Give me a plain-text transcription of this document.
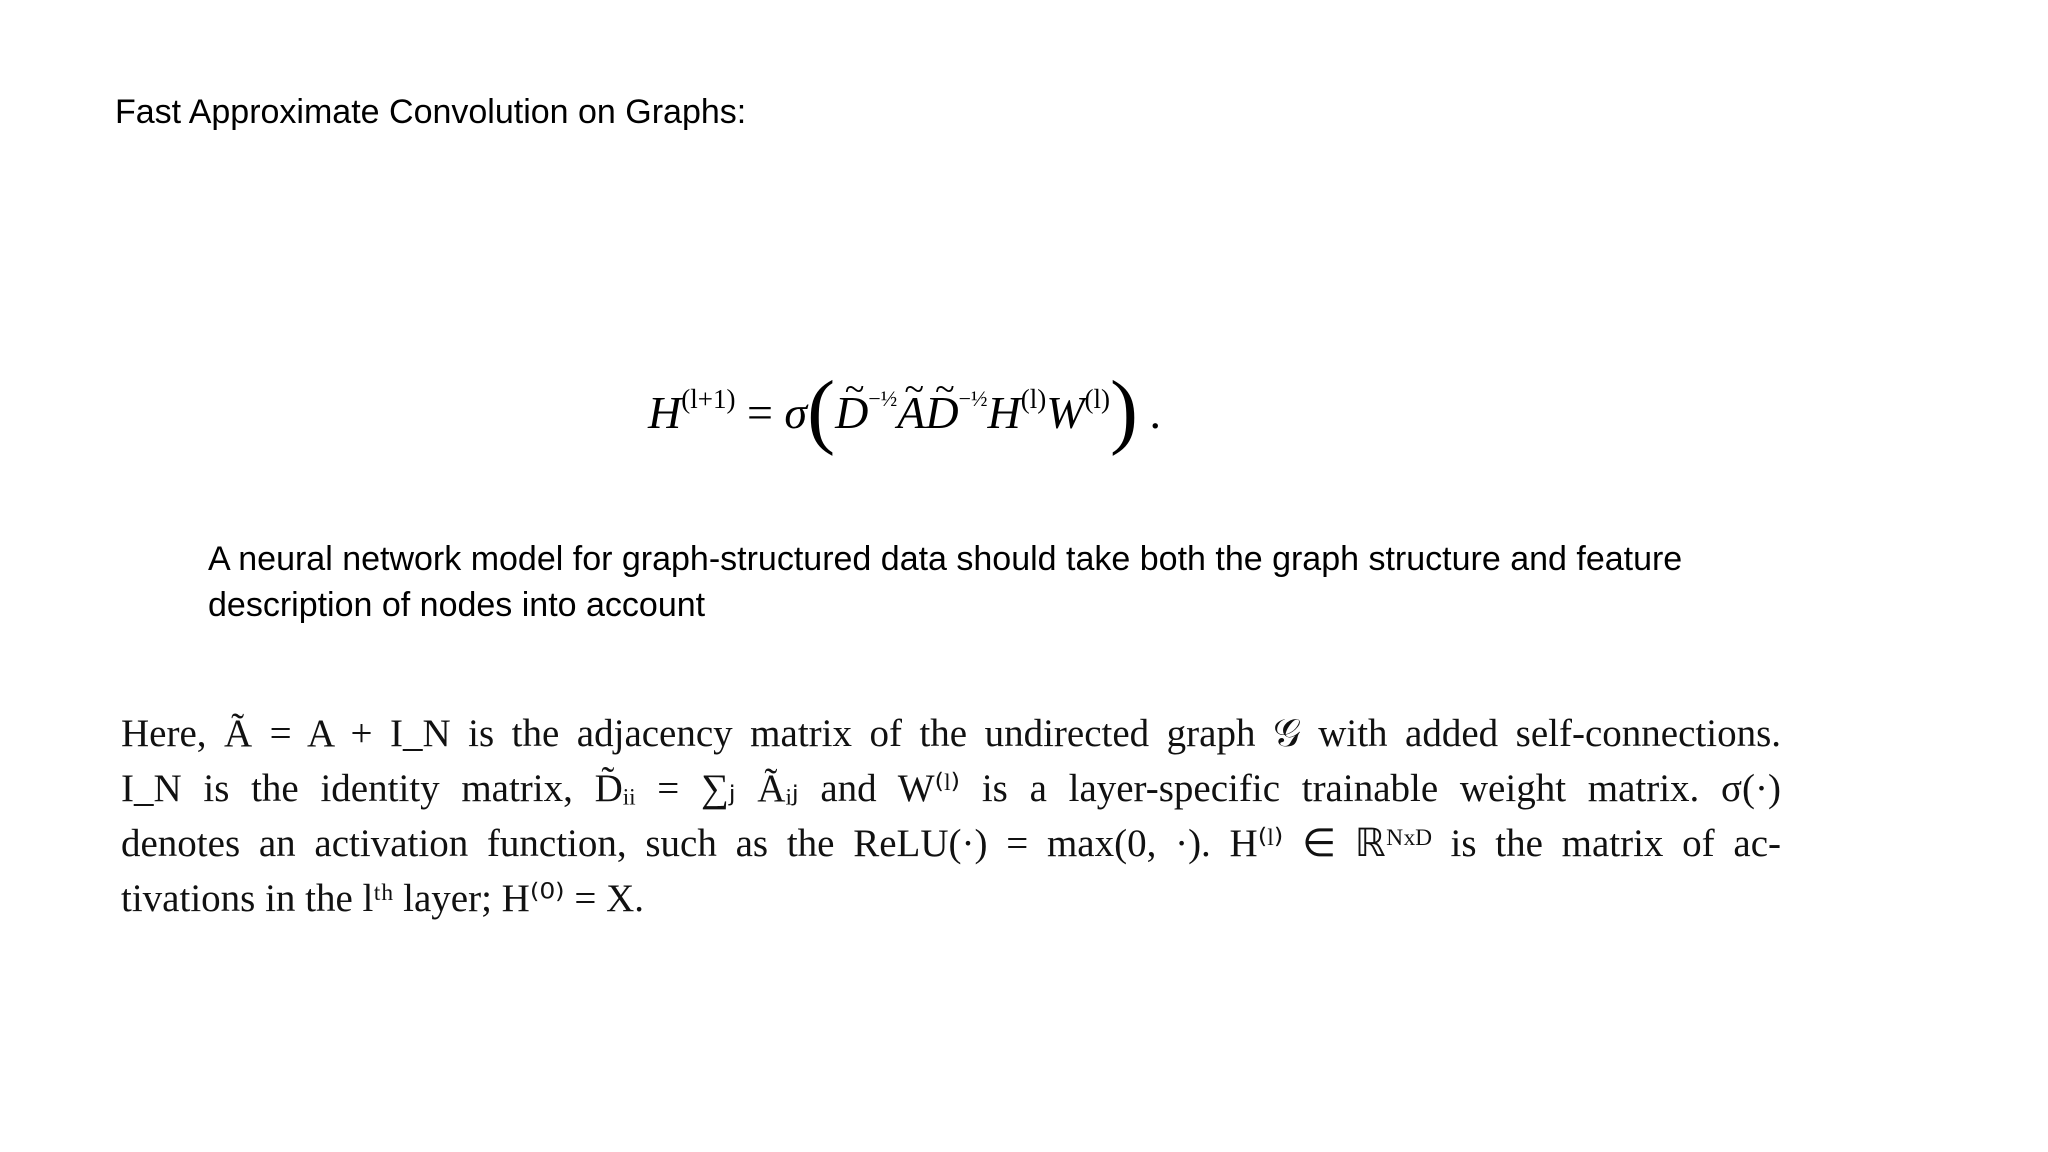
Fast Approximate Convolution on Graphs:
$H^{(l+1)}$ = σ(~ $D^{-\frac{1}{2}}\sim$ A~ $D^{-\frac{1}{2}}H^{(l)}W^{(l)}$) .
A neural network model for graph-structured data should take both the graph structure and feature description of nodes into account
Here, Ã = A + I_N is the adjacency matrix of the undirected graph 𝒢 with added self-connections.
I_N is the identity matrix, D̃ᵢᵢ = ∑ⱼ Ãᵢⱼ and W⁽ˡ⁾ is a layer-specific trainable weight matrix. σ(·)
denotes an activation function, such as the ReLU(·) = max(0, ·). H⁽ˡ⁾ ∈ ℝᴺˣᴰ is the matrix of ac-
tivations in the lᵗʰ layer; H⁽⁰⁾ = X.
